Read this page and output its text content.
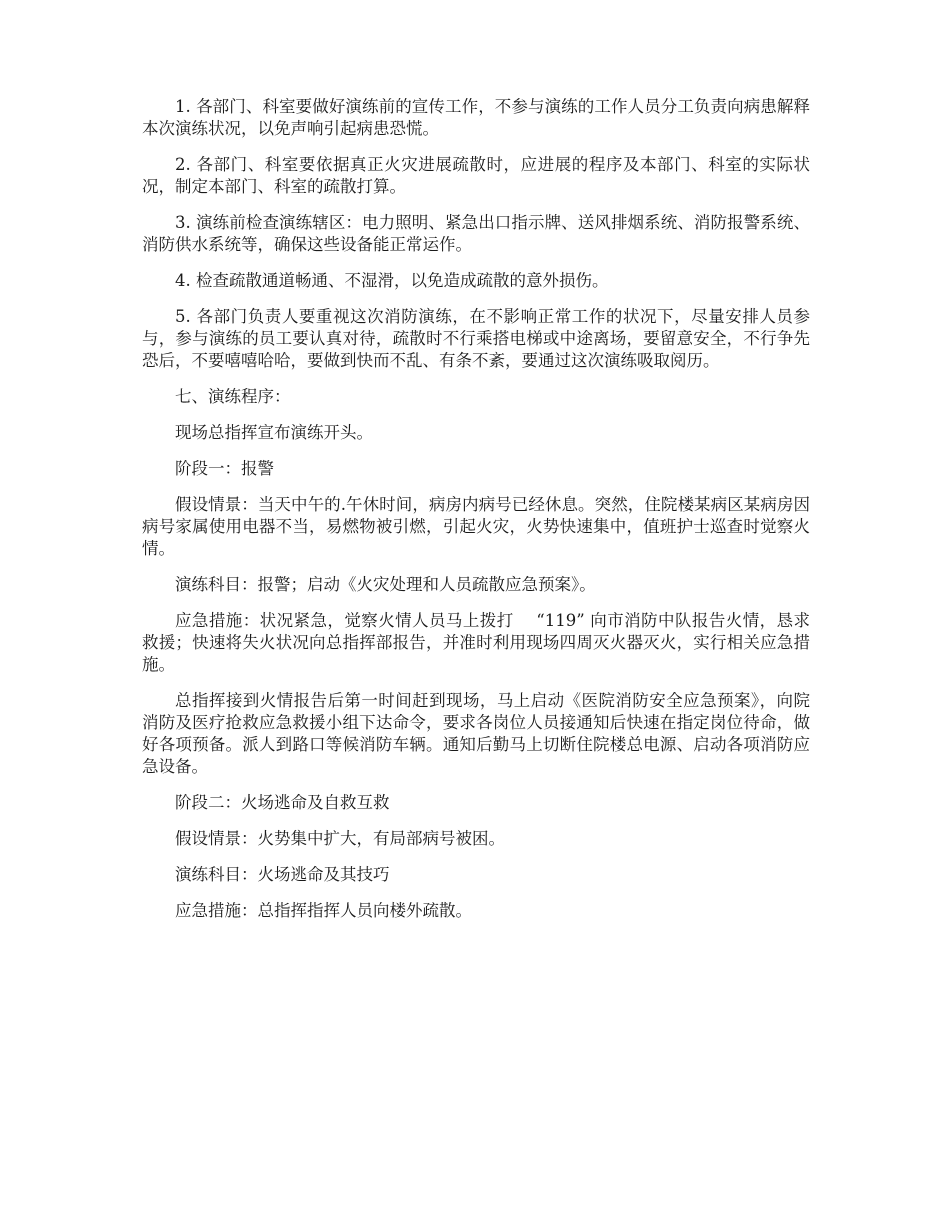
1. 各部门、科室要做好演练前的宣传工作，不参与演练的工作人员分工负责向病患解释本次演练状况，以免声响引起病患恐慌。

2. 各部门、科室要依据真正火灾进展疏散时，应进展的程序及本部门、科室的实际状况，制定本部门、科室的疏散打算。

3. 演练前检查演练辖区：电力照明、紧急出口指示牌、送风排烟系统、消防报警系统、消防供水系统等，确保这些设备能正常运作。

4. 检查疏散通道畅通、不湿滑，以免造成疏散的意外损伤。

5. 各部门负责人要重视这次消防演练，在不影响正常工作的状况下，尽量安排人员参与，参与演练的员工要认真对待，疏散时不行乘搭电梯或中途离场，要留意安全，不行争先恐后，不要嘻嘻哈哈，要做到快而不乱、有条不紊，要通过这次演练吸取阅历。

七、演练程序：

现场总指挥宣布演练开头。

阶段一：报警

假设情景：当天中午的.午休时间，病房内病号已经休息。突然，住院楼某病区某病房因病号家属使用电器不当，易燃物被引燃，引起火灾，火势快速集中，值班护士巡查时觉察火情。

演练科目：报警；启动《火灾处理和人员疏散应急预案》。

应急措施：状况紧急，觉察火情人员马上拨打　 “119” 向市消防中队报告火情，恳求救援；快速将失火状况向总指挥部报告，并准时利用现场四周灭火器灭火，实行相关应急措施。

总指挥接到火情报告后第一时间赶到现场，马上启动《医院消防安全应急预案》，向院消防及医疗抢救应急救援小组下达命令，要求各岗位人员接通知后快速在指定岗位待命，做好各项预备。派人到路口等候消防车辆。通知后勤马上切断住院楼总电源、启动各项消防应急设备。

阶段二：火场逃命及自救互救

假设情景：火势集中扩大，有局部病号被困。

演练科目：火场逃命及其技巧

应急措施：总指挥指挥人员向楼外疏散。
